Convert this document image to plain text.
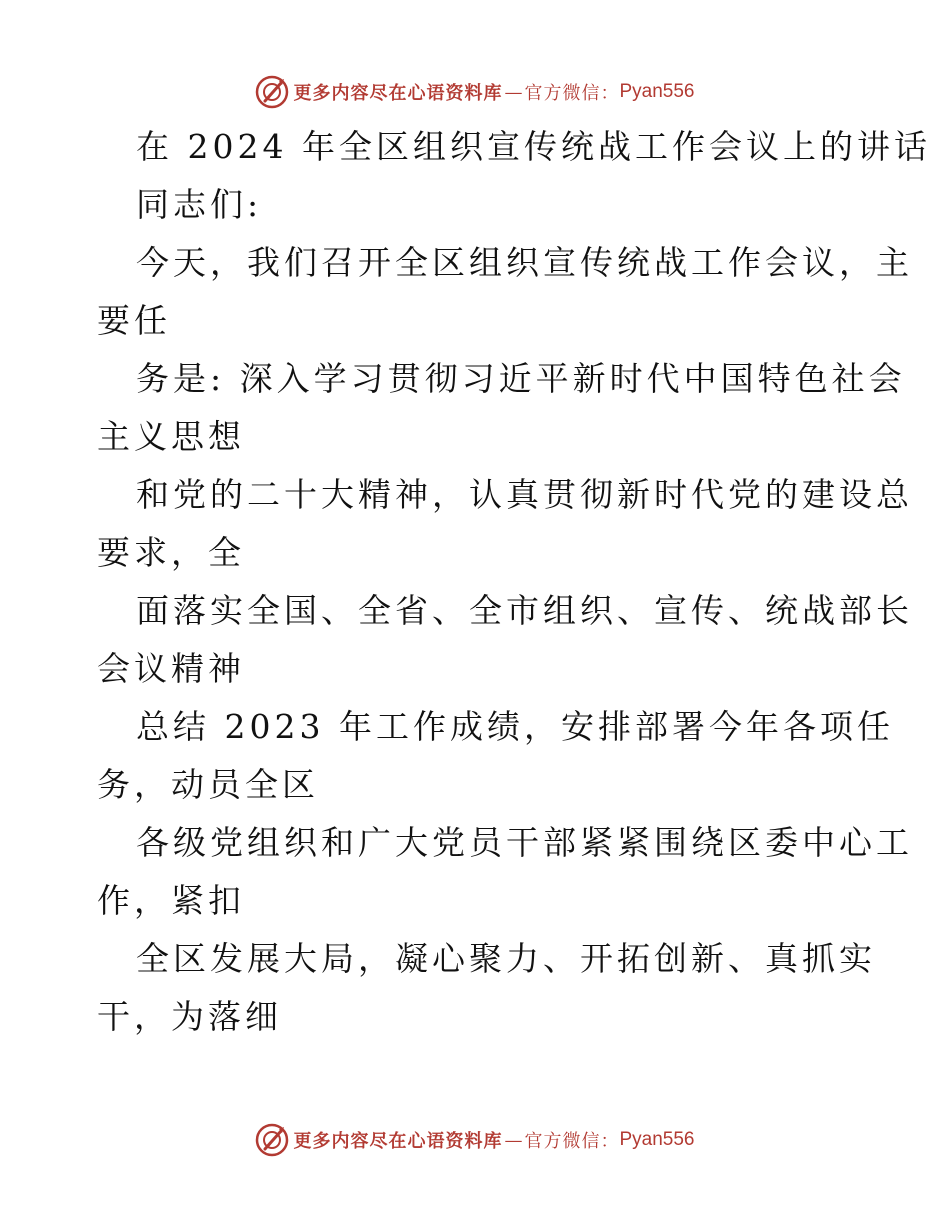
更多内容尽在心语资料库 — 官方微信： Pyan556
在 2024 年全区组织宣传统战工作会议上的讲话
同志们:
今天，我们召开全区组织宣传统战工作会议，主
要任
务是: 深入学习贯彻习近平新时代中国特色社会
主义思想
和党的二十大精神，认真贯彻新时代党的建设总
要求，全
面落实全国、全省、全市组织、宣传、统战部长
会议精神
总结 2023 年工作成绩，安排部署今年各项任
务，动员全区
各级党组织和广大党员干部紧紧围绕区委中心工
作，紧扣
全区发展大局，凝心聚力、开拓创新、真抓实
干，为落细
更多内容尽在心语资料库 — 官方微信： Pyan556
